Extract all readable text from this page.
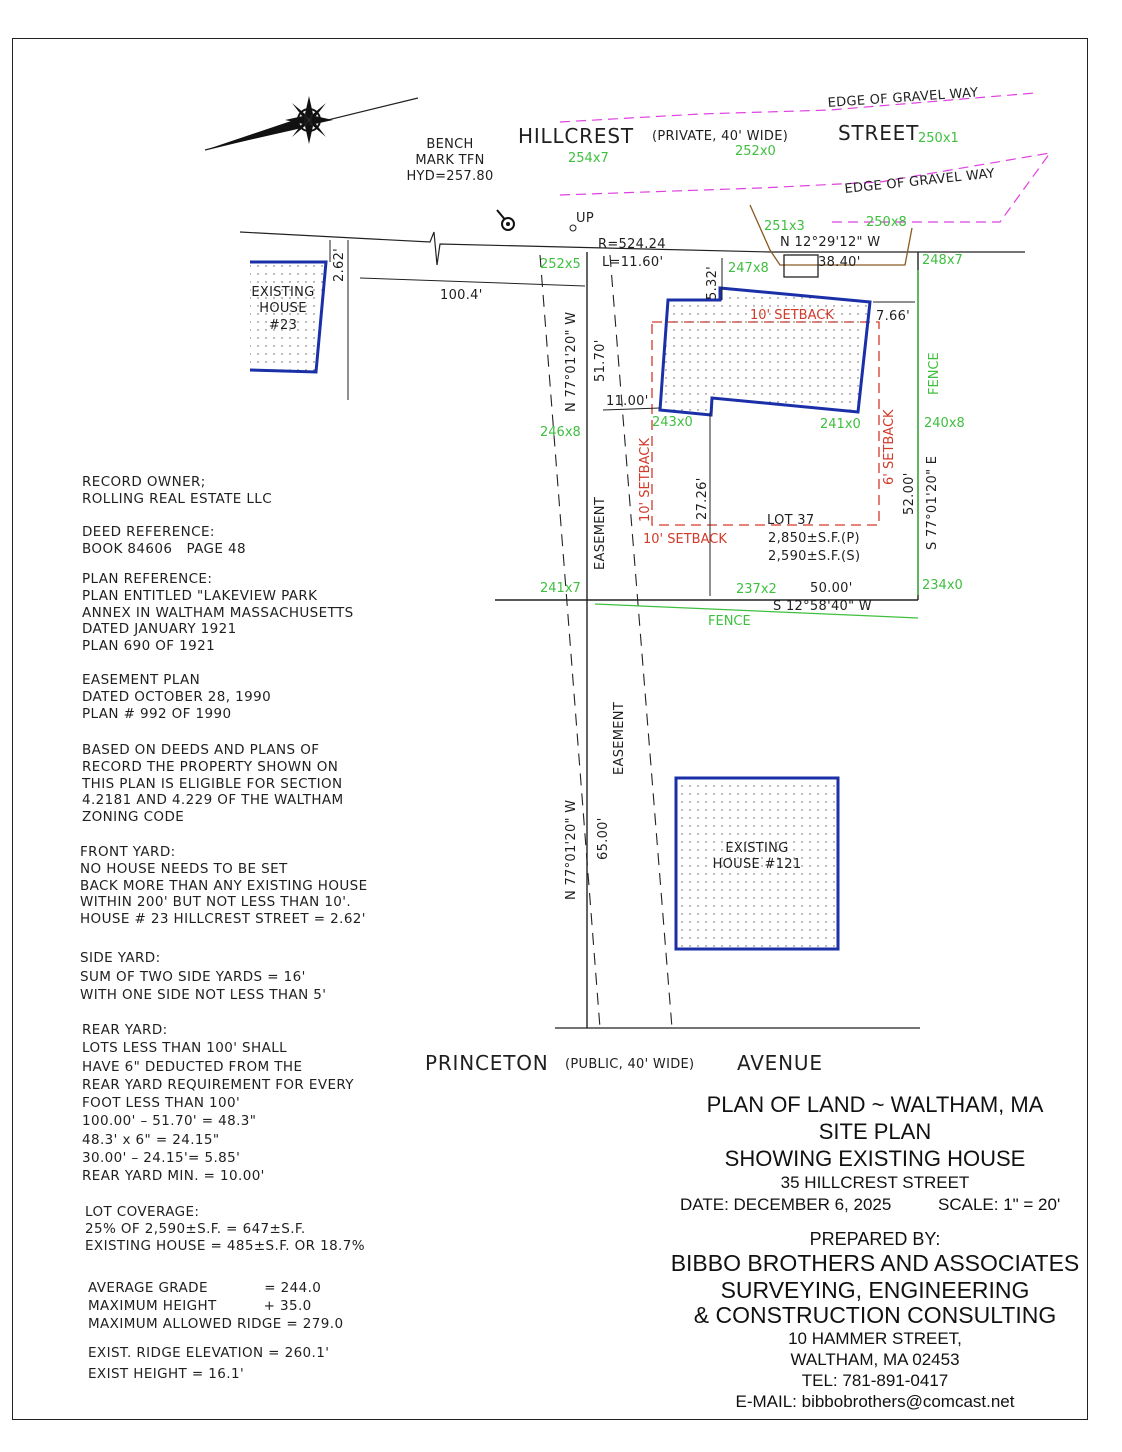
N
HILLCREST (PRIVATE, 40' WIDE) STREET
EDGE OF GRAVEL WAY
EDGE OF GRAVEL WAY
PRINCETON (PUBLIC, 40' WIDE) AVENUE
BENCH
MARK TFN
HYD=257.80
UP
R=524.24
L=11.60'
N 12°29'12" W
38.40'
N 77°01'20" W 51.70'
S 77°01'20" E
52.00'
S 12°58'40" W
50.00'
N 77°01'20" W 65.00'
100.4'
2.62'
5.32'
7.66'
11.00'
27.26'
10' SETBACK
10' SETBACK
10' SETBACK
6' SETBACK
LOT 37
2,850±S.F.(P)
2,590±S.F.(S)
EASEMENT
EASEMENT
FENCE
FENCE
EXISTING
HOUSE
#23
EXISTING
HOUSE #121
254x7	252x0
250x1
252x5
251x3	250x8
247x8
248x7
246x8
243x0	241x0	240x8
241x7	237x2	234x0
RECORD OWNER;
ROLLING REAL ESTATE LLC
DEED REFERENCE:
BOOK 84606   PAGE 48
PLAN REFERENCE:
PLAN ENTITLED "LAKEVIEW PARK
ANNEX IN WALTHAM MASSACHUSETTS
DATED JANUARY 1921
PLAN 690 OF 1921
EASEMENT PLAN
DATED OCTOBER 28, 1990
PLAN # 992 OF 1990
BASED ON DEEDS AND PLANS OF
RECORD THE PROPERTY SHOWN ON
THIS PLAN IS ELIGIBLE FOR SECTION
4.2181 AND 4.229 OF THE WALTHAM
ZONING CODE
FRONT YARD:
NO HOUSE NEEDS TO BE SET
BACK MORE THAN ANY EXISTING HOUSE
WITHIN 200' BUT NOT LESS THAN 10'.
HOUSE # 23 HILLCREST STREET = 2.62'
SIDE YARD:
SUM OF TWO SIDE YARDS = 16'
WITH ONE SIDE NOT LESS THAN 5'
REAR YARD:
LOTS LESS THAN 100' SHALL
HAVE 6" DEDUCTED FROM THE
REAR YARD REQUIREMENT FOR EVERY
FOOT LESS THAN 100'
100.00' – 51.70' = 48.3"
48.3' x 6" = 24.15"
30.00' – 24.15'= 5.85'
REAR YARD MIN. = 10.00'
LOT COVERAGE:
25% OF 2,590±S.F. = 647±S.F.
EXISTING HOUSE = 485±S.F. OR 18.7%
AVERAGE GRADE            = 244.0
MAXIMUM HEIGHT          + 35.0
MAXIMUM ALLOWED RIDGE = 279.0
EXIST. RIDGE ELEVATION = 260.1'
EXIST HEIGHT = 16.1'
PLAN OF LAND ~ WALTHAM, MA
SITE PLAN
SHOWING EXISTING HOUSE
35 HILLCREST STREET
DATE: DECEMBER 6, 2025	SCALE: 1" = 20'
PREPARED BY:
BIBBO BROTHERS AND ASSOCIATES
SURVEYING, ENGINEERING
& CONSTRUCTION CONSULTING
10 HAMMER STREET,
WALTHAM, MA 02453
TEL: 781-891-0417
E-MAIL: bibbobrothers@comcast.net
